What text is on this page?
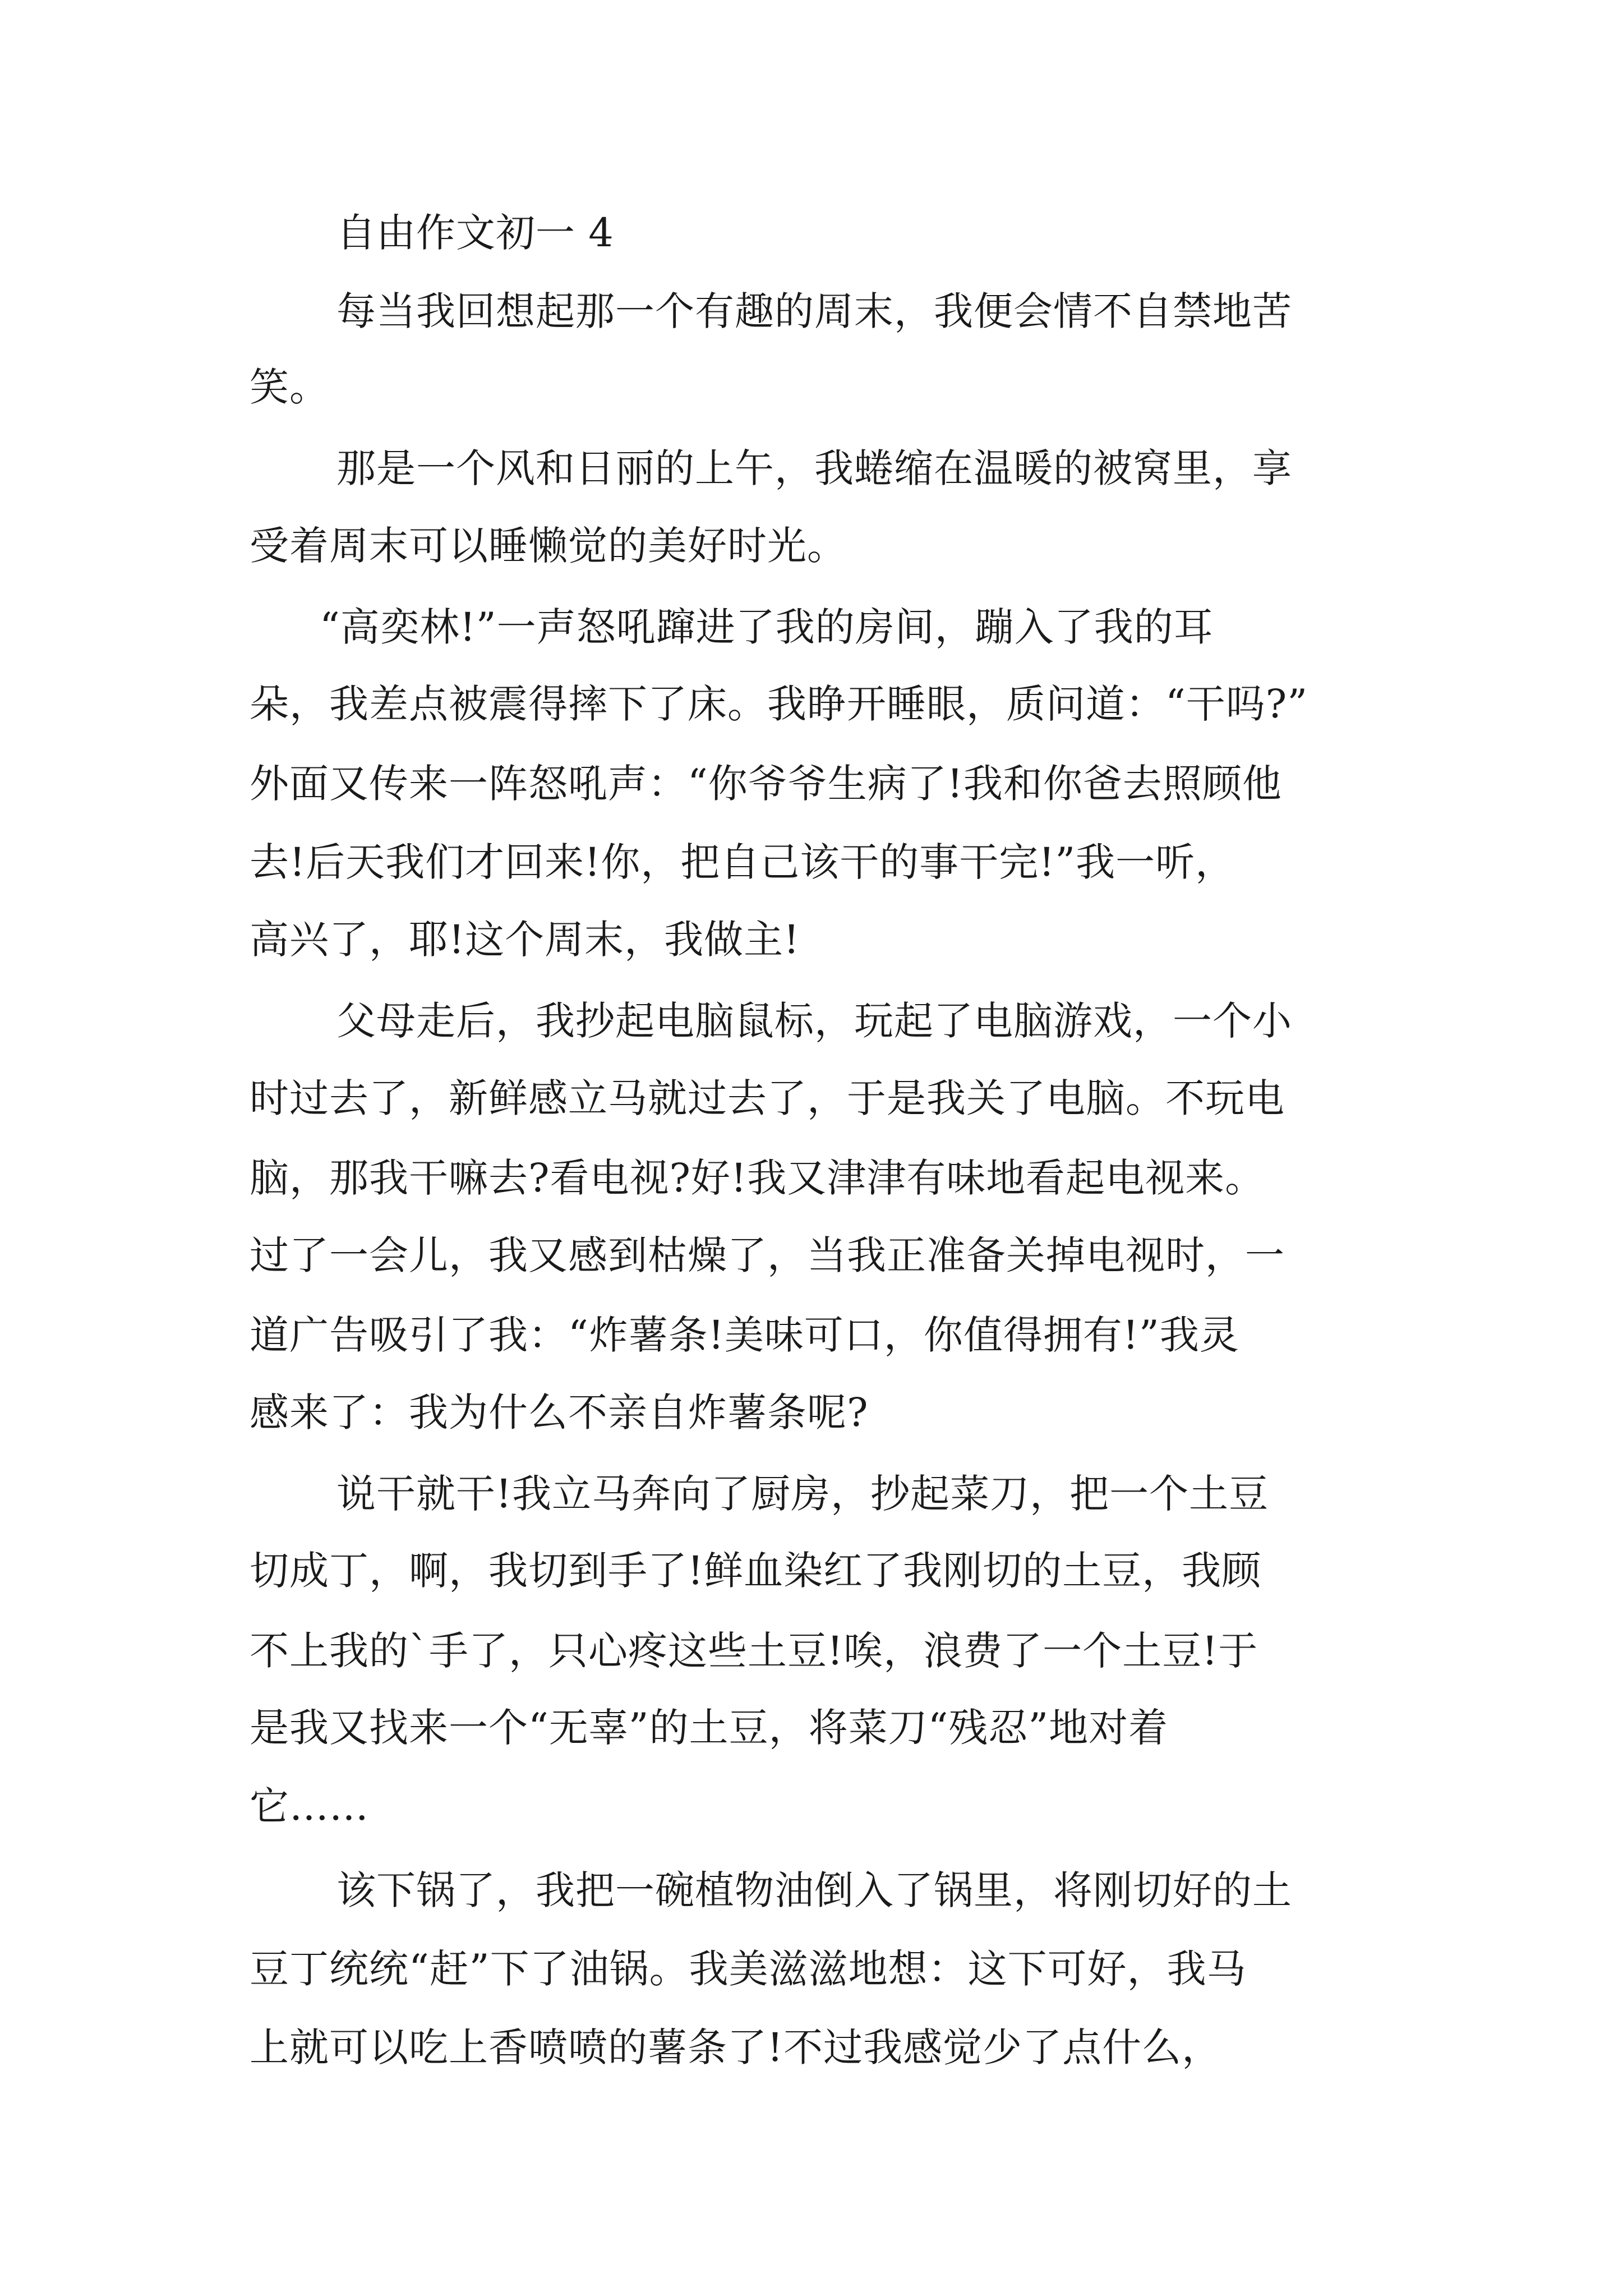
自由作文初一 4
每当我回想起那一个有趣的周末，我便会情不自禁地苦
笑。
那是一个风和日丽的上午，我蜷缩在温暖的被窝里，享
受着周末可以睡懒觉的美好时光。
“高奕林!”一声怒吼蹿进了我的房间，蹦入了我的耳
朵，我差点被震得摔下了床。我睁开睡眼，质问道：“干吗?”
外面又传来一阵怒吼声：“你爷爷生病了!我和你爸去照顾他
去!后天我们才回来!你，把自己该干的事干完!”我一听，
高兴了，耶!这个周末，我做主!
父母走后，我抄起电脑鼠标，玩起了电脑游戏，一个小
时过去了，新鲜感立马就过去了，于是我关了电脑。不玩电
脑，那我干嘛去?看电视?好!我又津津有味地看起电视来。
过了一会儿，我又感到枯燥了，当我正准备关掉电视时，一
道广告吸引了我：“炸薯条!美味可口，你值得拥有!”我灵
感来了：我为什么不亲自炸薯条呢?
说干就干!我立马奔向了厨房，抄起菜刀，把一个土豆
切成丁，啊，我切到手了!鲜血染红了我刚切的土豆，我顾
不上我的`手了，只心疼这些土豆!唉，浪费了一个土豆!于
是我又找来一个“无辜”的土豆，将菜刀“残忍”地对着
它……
该下锅了，我把一碗植物油倒入了锅里，将刚切好的土
豆丁统统“赶”下了油锅。我美滋滋地想：这下可好，我马
上就可以吃上香喷喷的薯条了!不过我感觉少了点什么，
